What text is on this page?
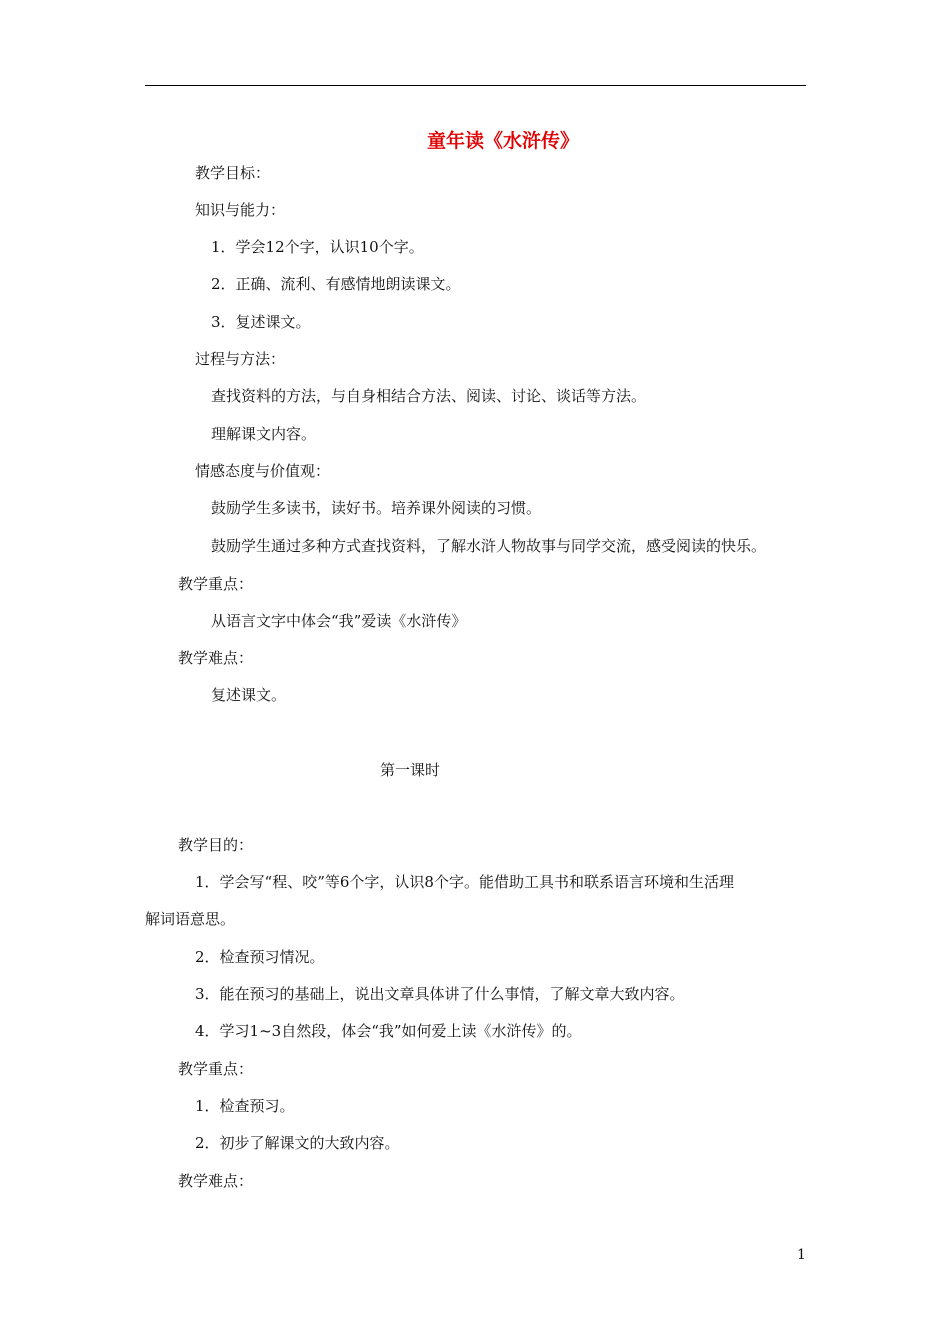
童年读《水浒传》
教学目标：
知识与能力：
1．学会12个字，认识10个字。
2．正确、流利、有感情地朗读课文。
3．复述课文。
过程与方法：
查找资料的方法，与自身相结合方法、阅读、讨论、谈话等方法。
理解课文内容。
情感态度与价值观：
鼓励学生多读书，读好书。培养课外阅读的习惯。
鼓励学生通过多种方式查找资料，了解水浒人物故事与同学交流，感受阅读的快乐。
教学重点：
从语言文字中体会“我”爱读《水浒传》
教学难点：
复述课文。
第一课时
教学目的：
1．学会写“程、咬”等6个字，认识8个字。能借助工具书和联系语言环境和生活理
解词语意思。
2．检查预习情况。
3．能在预习的基础上，说出文章具体讲了什么事情，了解文章大致内容。
4．学习1~3自然段，体会“我”如何爱上读《水浒传》的。
教学重点：
1．检查预习。
2．初步了解课文的大致内容。
教学难点：
1
